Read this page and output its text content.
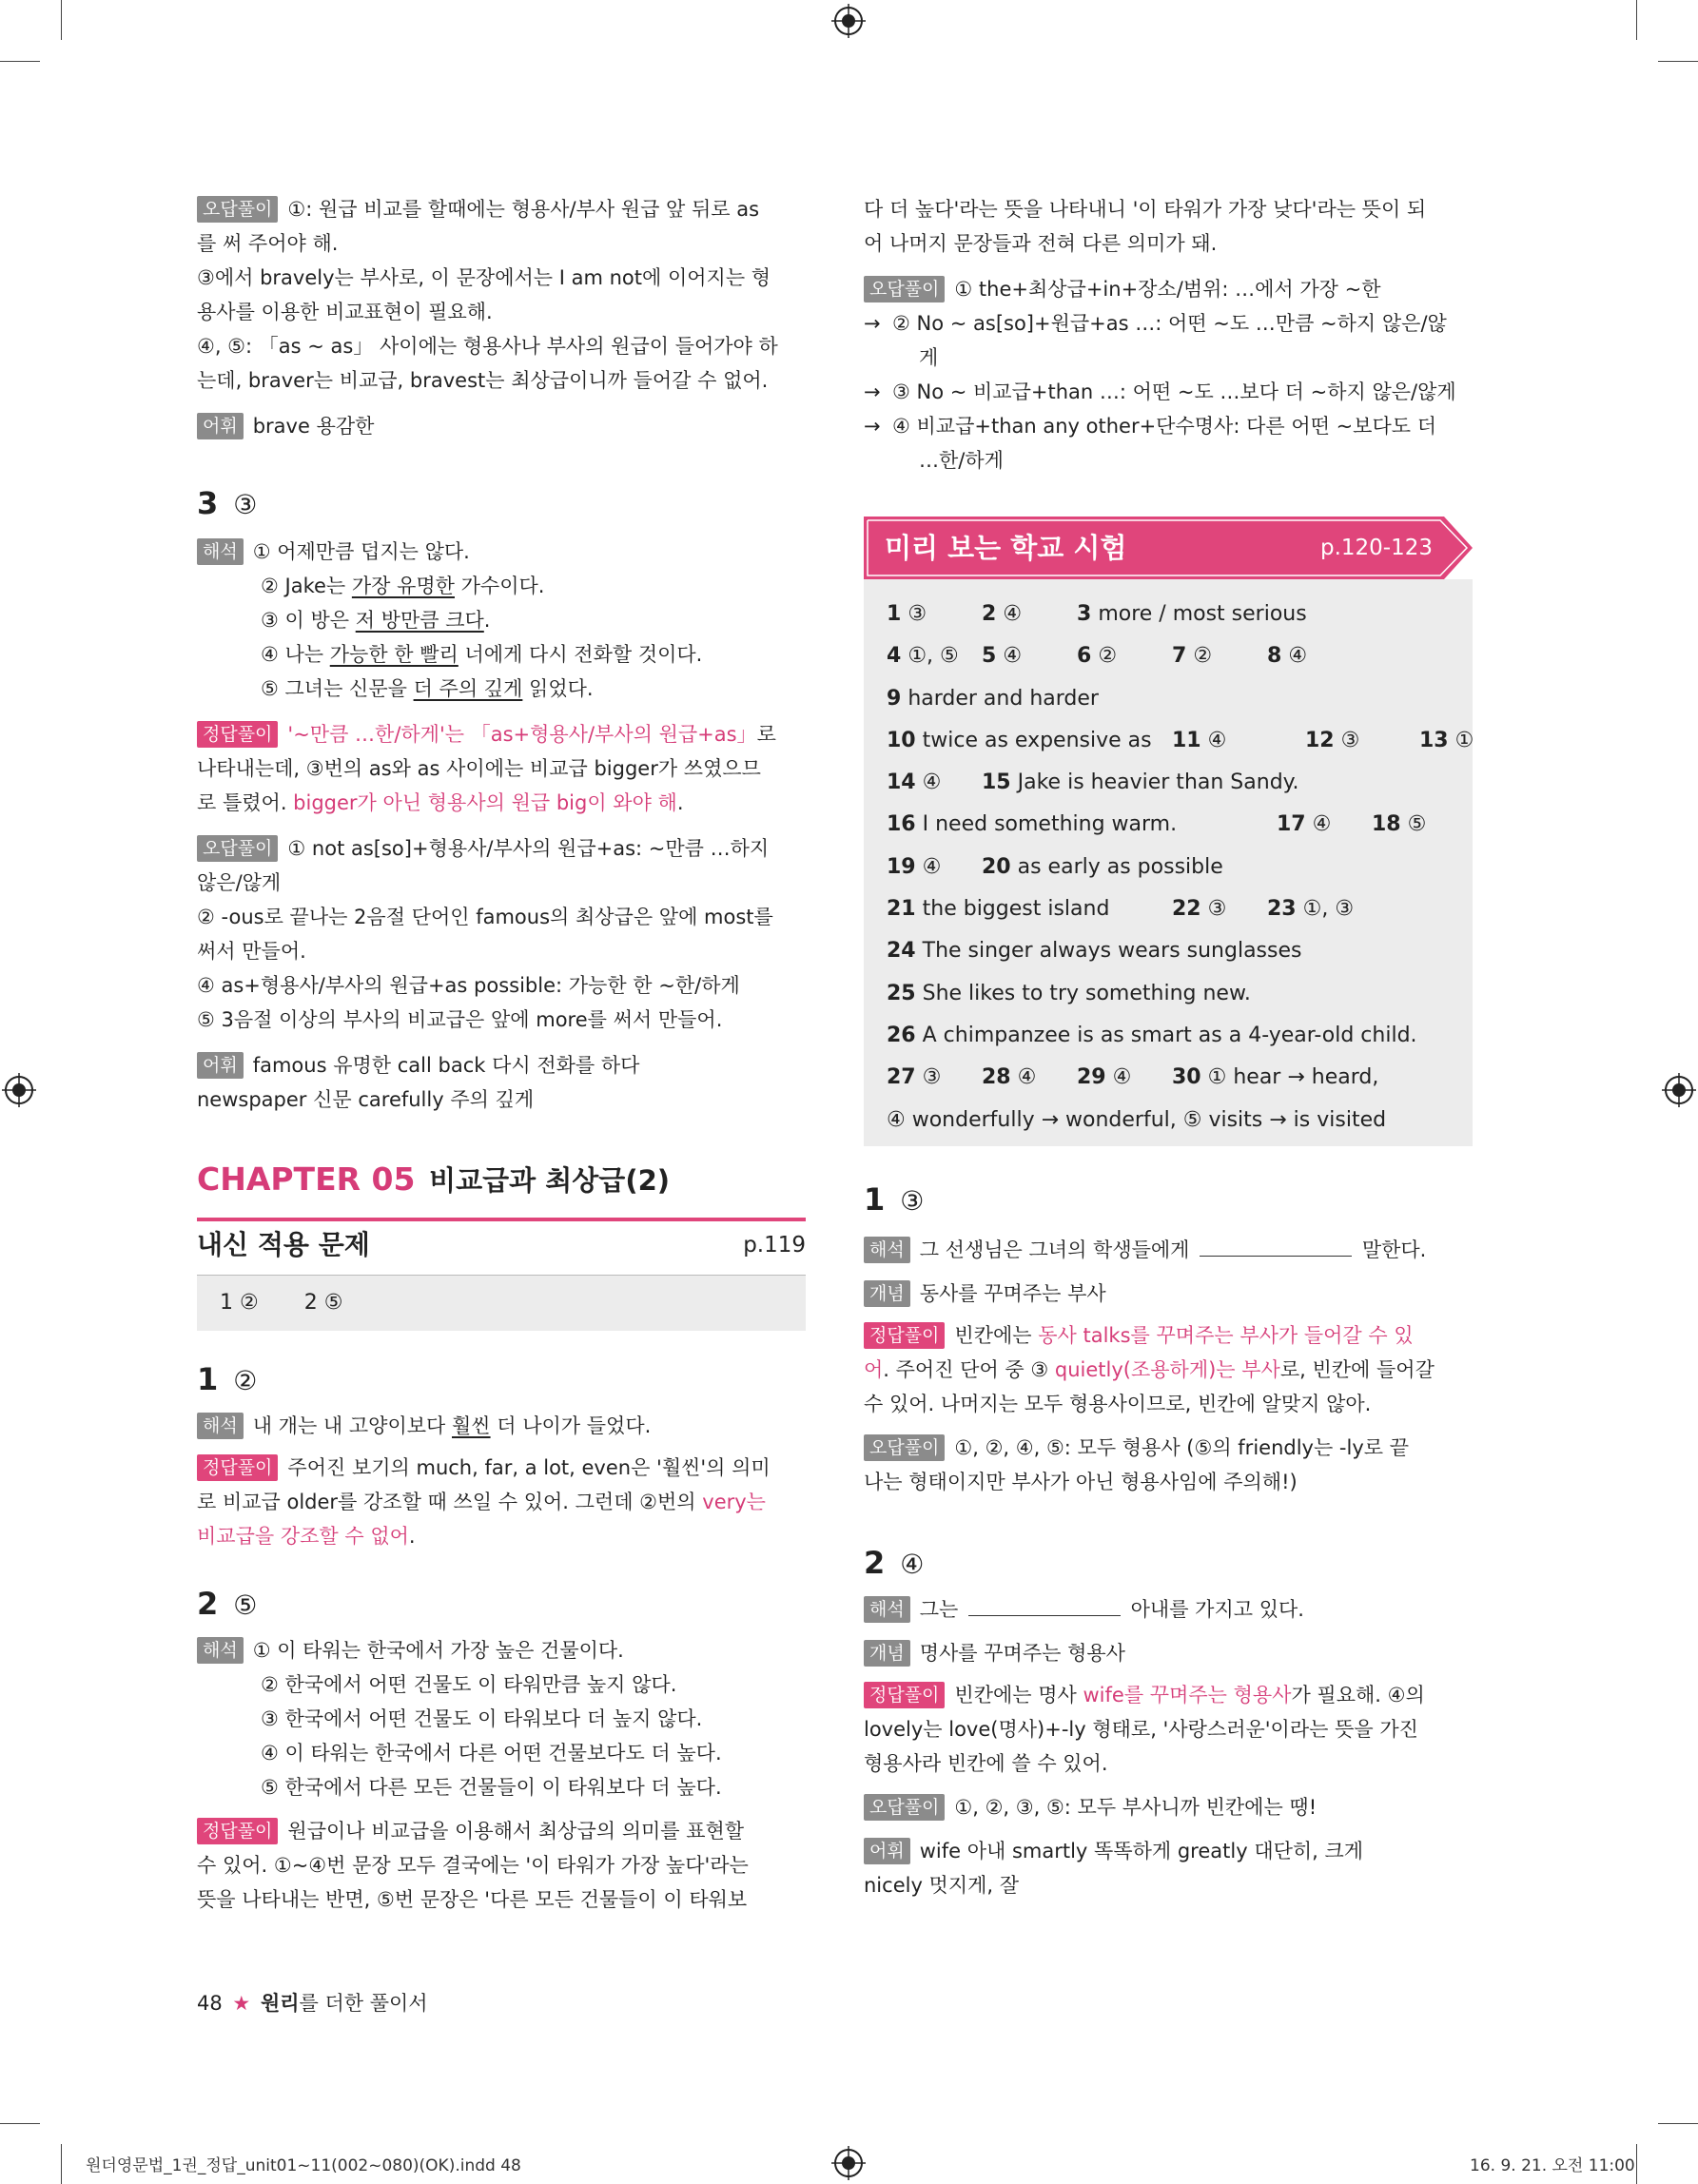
오답풀이 ①: 원급 비교를 할때에는 형용사/부사 원급 앞 뒤로 as
를 써 주어야 해.
③에서 bravely는 부사로, 이 문장에서는 I am not에 이어지는 형
용사를 이용한 비교표현이 필요해.
④, ⑤: 「as ~ as」 사이에는 형용사나 부사의 원급이 들어가야 하
는데, braver는 비교급, bravest는 최상급이니까 들어갈 수 없어.
어휘 brave 용감한
3 ③
해석 ① 어제만큼 덥지는 않다.
② Jake는 가장 유명한 가수이다.
③ 이 방은 저 방만큼 크다.
④ 나는 가능한 한 빨리 너에게 다시 전화할 것이다.
⑤ 그녀는 신문을 더 주의 깊게 읽었다.
정답풀이 '~만큼 …한/하게'는 「as+형용사/부사의 원급+as」로
나타내는데, ③번의 as와 as 사이에는 비교급 bigger가 쓰였으므
로 틀렸어. bigger가 아닌 형용사의 원급 big이 와야 해.
오답풀이 ① not as[so]+형용사/부사의 원급+as: ~만큼 …하지
않은/않게
② -ous로 끝나는 2음절 단어인 famous의 최상급은 앞에 most를
써서 만들어.
④ as+형용사/부사의 원급+as possible: 가능한 한 ~한/하게
⑤ 3음절 이상의 부사의 비교급은 앞에 more를 써서 만들어.
어휘 famous 유명한 call back 다시 전화를 하다
newspaper 신문 carefully 주의 깊게
CHAPTER 05 비교급과 최상급(2)
내신 적용 문제	p.119
1 ② 2 ⑤
1 ②
해석 내 개는 내 고양이보다 훨씬 더 나이가 들었다.
정답풀이 주어진 보기의 much, far, a lot, even은 '훨씬'의 의미
로 비교급 older를 강조할 때 쓰일 수 있어. 그런데 ②번의 very는
비교급을 강조할 수 없어.
2 ⑤
해석 ① 이 타워는 한국에서 가장 높은 건물이다.
② 한국에서 어떤 건물도 이 타워만큼 높지 않다.
③ 한국에서 어떤 건물도 이 타워보다 더 높지 않다.
④ 이 타워는 한국에서 다른 어떤 건물보다도 더 높다.
⑤ 한국에서 다른 모든 건물들이 이 타워보다 더 높다.
정답풀이 원급이나 비교급을 이용해서 최상급의 의미를 표현할
수 있어. ①~④번 문장 모두 결국에는 '이 타워가 가장 높다'라는
뜻을 나타내는 반면, ⑤번 문장은 '다른 모든 건물들이 이 타워보
48 ★ 원리를 더한 풀이서
다 더 높다'라는 뜻을 나타내니 '이 타워가 가장 낮다'라는 뜻이 되
어 나머지 문장들과 전혀 다른 의미가 돼.
오답풀이 ① the+최상급+in+장소/범위: …에서 가장 ~한
→ ② No ~ as[so]+원급+as …: 어떤 ~도 …만큼 ~하지 않은/않
게
→ ③ No ~ 비교급+than …: 어떤 ~도 …보다 더 ~하지 않은/않게
→ ④ 비교급+than any other+단수명사: 다른 어떤 ~보다도 더
…한/하게
미리 보는 학교 시험	p.120-123
1 ③	2 ④	3 more / most serious
4 ①, ⑤ 5 ④	6 ②	7 ②	8 ④
9 harder and harder
10 twice as expensive as 11 ④	12 ③	13 ①
14 ④ 15 Jake is heavier than Sandy.
16 I need something warm.	17 ④ 18 ⑤
19 ④ 20 as early as possible
21 the biggest island	22 ③ 23 ①, ③
24 The singer always wears sunglasses
25 She likes to try something new.
26 A chimpanzee is as smart as a 4-year-old child.
27 ③ 28 ④ 29 ④ 30 ① hear → heard,
④ wonderfully → wonderful, ⑤ visits → is visited
1 ③
해석 그 선생님은 그녀의 학생들에게	말한다.
개념 동사를 꾸며주는 부사
정답풀이 빈칸에는 동사 talks를 꾸며주는 부사가 들어갈 수 있
어. 주어진 단어 중 ③ quietly(조용하게)는 부사로, 빈칸에 들어갈
수 있어. 나머지는 모두 형용사이므로, 빈칸에 알맞지 않아.
오답풀이 ①, ②, ④, ⑤: 모두 형용사 (⑤의 friendly는 -ly로 끝
나는 형태이지만 부사가 아닌 형용사임에 주의해!)
2 ④
해석 그는	아내를 가지고 있다.
개념 명사를 꾸며주는 형용사
정답풀이 빈칸에는 명사 wife를 꾸며주는 형용사가 필요해. ④의
lovely는 love(명사)+-ly 형태로, '사랑스러운'이라는 뜻을 가진
형용사라 빈칸에 쓸 수 있어.
오답풀이 ①, ②, ③, ⑤: 모두 부사니까 빈칸에는 땡!
어휘 wife 아내 smartly 똑똑하게 greatly 대단히, 크게
nicely 멋지게, 잘
원더영문법_1권_정답_unit01~11(002~080)(OK).indd 48	16. 9. 21. 오전 11:00
